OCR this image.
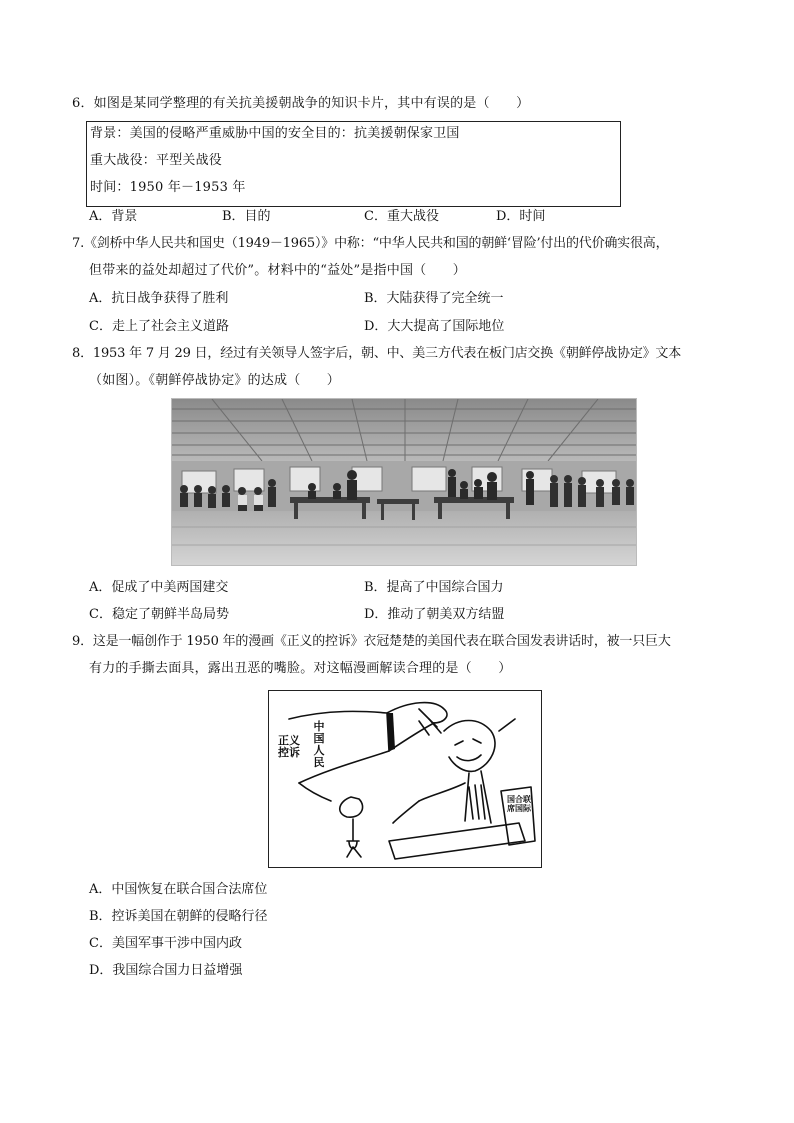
6．如图是某同学整理的有关抗美援朝战争的知识卡片，其中有误的是（　　）
背景：美国的侵略严重威胁中国的安全目的：抗美援朝保家卫国
重大战役：平型关战役
时间：1950 年－1953 年
A．背景	B．目的	C．重大战役	D．时间
7.《剑桥中华人民共和国史（1949－1965）》中称：“中华人民共和国的朝鲜‘冒险’付出的代价确实很高，
但带来的益处却超过了代价”。材料中的“益处”是指中国（　　）
A．抗日战争获得了胜利	B．大陆获得了完全统一
C．走上了社会主义道路	D．大大提高了国际地位
8．1953 年 7 月 29 日，经过有关领导人签字后，朝、中、美三方代表在板门店交换《朝鲜停战协定》文本
（如图）。《朝鲜停战协定》的达成（　　）
A．促成了中美两国建交	B．提高了中国综合国力
C．稳定了朝鲜半岛局势	D．推动了朝美双方结盟
9．这是一幅创作于 1950 年的漫画《正义的控诉》衣冠楚楚的美国代表在联合国发表讲话时，被一只巨大
有力的手撕去面具，露出丑恶的嘴脸。对这幅漫画解读合理的是（　　）
中国人民
正义控诉
国合联席国际
A．中国恢复在联合国合法席位
B．控诉美国在朝鲜的侵略行径
C．美国军事干涉中国内政
D．我国综合国力日益增强
